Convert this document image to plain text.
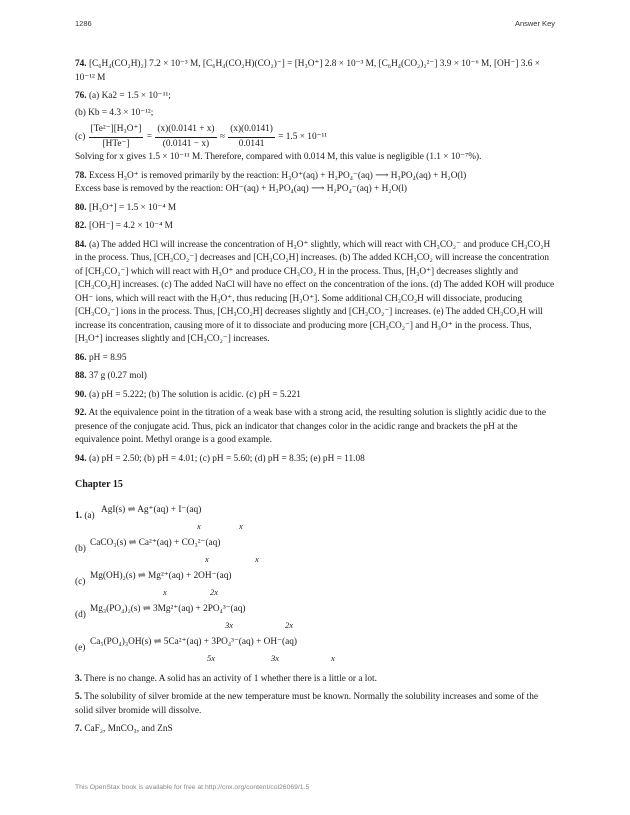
1286	Answer Key

74. [C₆H₄(CO₂H)₂] 7.2 × 10⁻³ M, [C₆H₄(CO₂H)(CO₂)⁻] = [H₃O⁺] 2.8 × 10⁻³ M, [C₆H₄(CO₂)₂²⁻] 3.9 × 10⁻⁶ M, [OH⁻] 3.6 × 10⁻¹² M

76. (a) Ka2 = 1.5 × 10⁻¹¹;
(b) Kb = 4.3 × 10⁻¹²;
$(c) \frac{\text{[Te²⁻][H₃O⁺]}}{\text{[HTe⁻]}} = \frac{(x)(0.0141 + x)}{(0.0141 - x)} \approx \frac{(x)(0.0141)}{0.0141} = 1.5 \times 10^{-11}$
Solving for x gives 1.5 × 10⁻¹¹ M. Therefore, compared with 0.014 M, this value is negligible (1.1 × 10⁻⁷%).
78. Excess H₃O⁺ is removed primarily by the reaction: H₃O⁺(aq) + H₂PO₄⁻(aq) ⟶ H₃PO₄(aq) + H₂O(l)
Excess base is removed by the reaction: OH⁻(aq) + H₃PO₄(aq) ⟶ H₂PO₄⁻(aq) + H₂O(l)

80. [H₃O⁺] = 1.5 × 10⁻⁴ M

82. [OH⁻] = 4.2 × 10⁻⁴ M

84. (a) The added HCl will increase the concentration of H₃O⁺ slightly, which will react with CH₃CO₂⁻ and produce CH₃CO₂H in the process. Thus, [CH₃CO₂⁻] decreases and [CH₃CO₂H] increases. (b) The added KCH₃CO₂ will increase the concentration of [CH₃CO₂⁻] which will react with H₃O⁺ and produce CH₃CO₂ H in the process. Thus, [H₃O⁺] decreases slightly and [CH₃CO₂H] increases. (c) The added NaCl will have no effect on the concentration of the ions. (d) The added KOH will produce OH⁻ ions, which will react with the H₃O⁺, thus reducing [H₃O⁺]. Some additional CH₃CO₂H will dissociate, producing [CH₃CO₂⁻] ions in the process. Thus, [CH₃CO₂H] decreases slightly and [CH₃CO₂⁻] increases. (e) The added CH₃CO₂H will increase its concentration, causing more of it to dissociate and producing more [CH₃CO₂⁻] and H₃O⁺ in the process. Thus, [H₃O⁺] increases slightly and [CH₃CO₂⁻] increases.

86. pH = 8.95

88. 37 g (0.27 mol)

90. (a) pH = 5.222; (b) The solution is acidic. (c) pH = 5.221

92. At the equivalence point in the titration of a weak base with a strong acid, the resulting solution is slightly acidic due to the presence of the conjugate acid. Thus, pick an indicator that changes color in the acidic range and brackets the pH at the equivalence point. Methyl orange is a good example.

94. (a) pH = 2.50; (b) pH = 4.01; (c) pH = 5.60; (d) pH = 8.35; (e) pH = 11.08

Chapter 15
1. (a)
AgI(s) ⇌ Ag⁺(aq) + I⁻(aq)
x	x
(b)
CaCO₃(s) ⇌ Ca²⁺(aq) + CO₃²⁻(aq)
x	x
(c)
Mg(OH)₂(s) ⇌ Mg²⁺(aq) + 2OH⁻(aq)
x	2x
(d)
Mg₃(PO₄)₂(s) ⇌ 3Mg²⁺(aq) + 2PO₄³⁻(aq)
3x	2x
(e)
Ca₅(PO₄)₃OH(s) ⇌ 5Ca²⁺(aq) + 3PO₄³⁻(aq) + OH⁻(aq)
5x	3x	x

3. There is no change. A solid has an activity of 1 whether there is a little or a lot.

5. The solubility of silver bromide at the new temperature must be known. Normally the solubility increases and some of the solid silver bromide will dissolve.

7. CaF₂, MnCO₃, and ZnS

This OpenStax book is available for free at http://cnx.org/content/col26069/1.5
